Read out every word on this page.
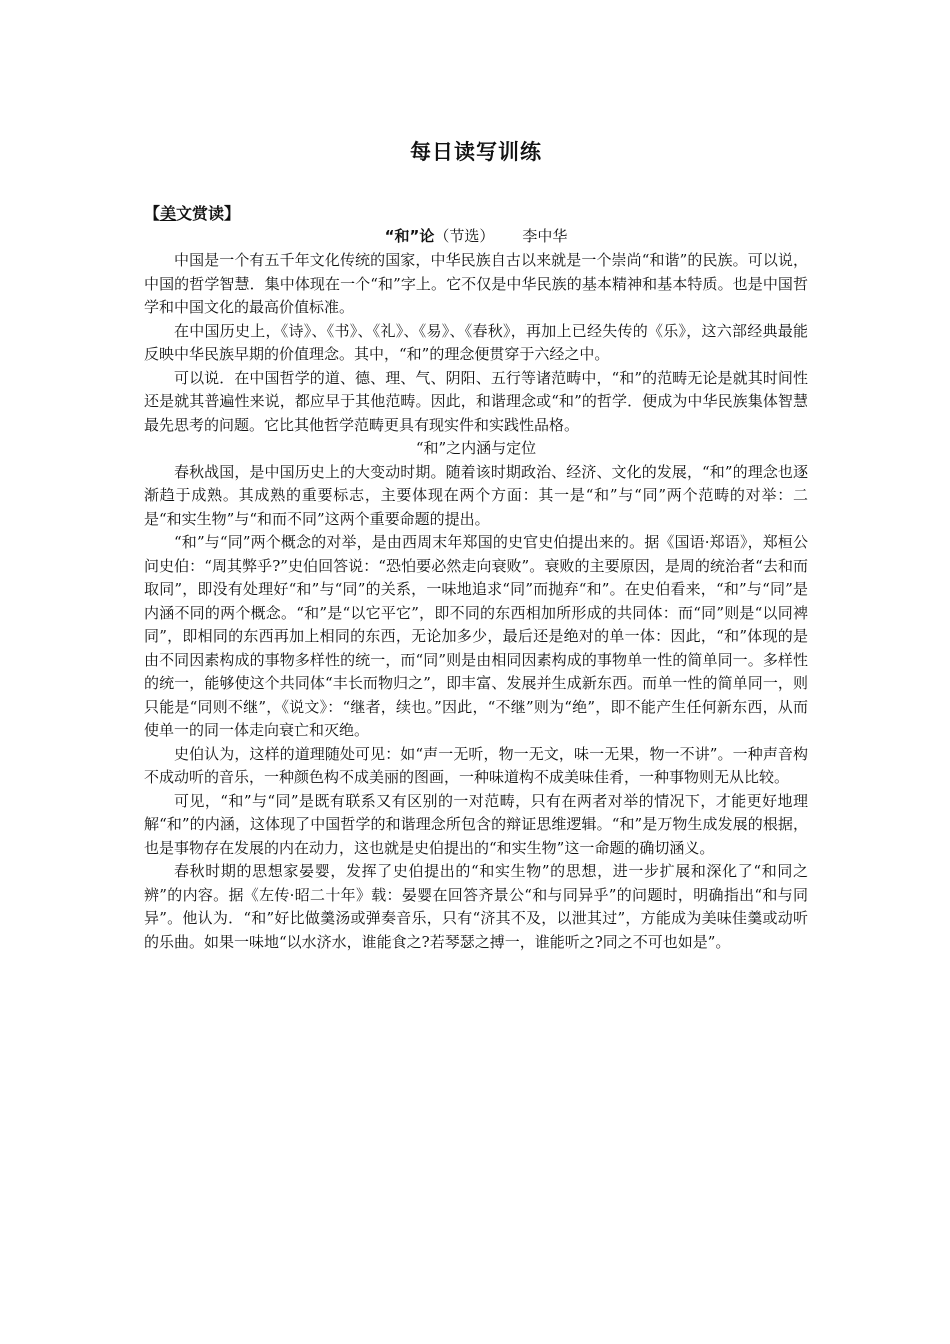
每日读写训练
【美文赏读】
“和”论（节选） 李中华

中国是一个有五千年文化传统的国家，中华民族自古以来就是一个崇尚“和谐”的民族。可以说，中国的哲学智慧．集中体现在一个“和”字上。它不仅是中华民族的基本精神和基本特质。也是中国哲学和中国文化的最高价值标准。

在中国历史上，《诗》、《书》、《礼》、《易》、《春秋》，再加上已经失传的《乐》，这六部经典最能反映中华民族早期的价值理念。其中，“和”的理念便贯穿于六经之中。

可以说．在中国哲学的道、德、理、气、阴阳、五行等诸范畴中，“和”的范畴无论是就其时间性还是就其普遍性来说，都应早于其他范畴。因此，和谐理念或“和”的哲学．便成为中华民族集体智慧最先思考的问题。它比其他哲学范畴更具有现实件和实践性品格。

“和”之内涵与定位

春秋战国，是中国历史上的大变动时期。随着该时期政治、经济、文化的发展，“和”的理念也逐渐趋于成熟。其成熟的重要标志，主要体现在两个方面：其一是“和”与“同”两个范畴的对举：二是“和实生物”与“和而不同”这两个重要命题的提出。

“和”与“同”两个概念的对举，是由西周末年郑国的史官史伯提出来的。据《国语·郑语》，郑桓公问史伯：“周其弊乎?”史伯回答说：“恐怕要必然走向衰败”。衰败的主要原因，是周的统治者“去和而取同”，即没有处理好“和”与“同”的关系，一味地追求“同”而抛弃“和”。在史伯看来，“和”与“同”是内涵不同的两个概念。“和”是“以它平它”，即不同的东西相加所形成的共同体：而“同”则是“以同裨同”，即相同的东西再加上相同的东西，无论加多少，最后还是绝对的单一体：因此，“和”体现的是由不同因素构成的事物多样性的统一，而“同”则是由相同因素构成的事物单一性的简单同一。多样性的统一，能够使这个共同体“丰长而物归之”，即丰富、发展并生成新东西。而单一性的简单同一，则只能是“同则不继”，《说文》：“继者，续也。”因此，“不继”则为“绝”，即不能产生任何新东西，从而使单一的同一体走向衰亡和灭绝。

史伯认为，这样的道理随处可见：如“声一无听，物一无文，味一无果，物一不讲”。一种声音构不成动听的音乐，一种颜色构不成美丽的图画，一种味道构不成美味佳肴，一种事物则无从比较。

可见，“和”与“同”是既有联系又有区别的一对范畴，只有在两者对举的情况下，才能更好地理解“和”的内涵，这体现了中国哲学的和谐理念所包含的辩证思维逻辑。“和”是万物生成发展的根据，也是事物存在发展的内在动力，这也就是史伯提出的“和实生物”这一命题的确切涵义。

春秋时期的思想家晏婴，发挥了史伯提出的“和实生物”的思想，进一步扩展和深化了“和同之辨”的内容。据《左传·昭二十年》载：晏婴在回答齐景公“和与同异乎”的问题时，明确指出“和与同异”。他认为．“和”好比做羹汤或弹奏音乐，只有“济其不及，以泄其过”，方能成为美味佳羹或动听的乐曲。如果一味地“以水济水，谁能食之?若琴瑟之搏一，谁能听之?同之不可也如是”。
